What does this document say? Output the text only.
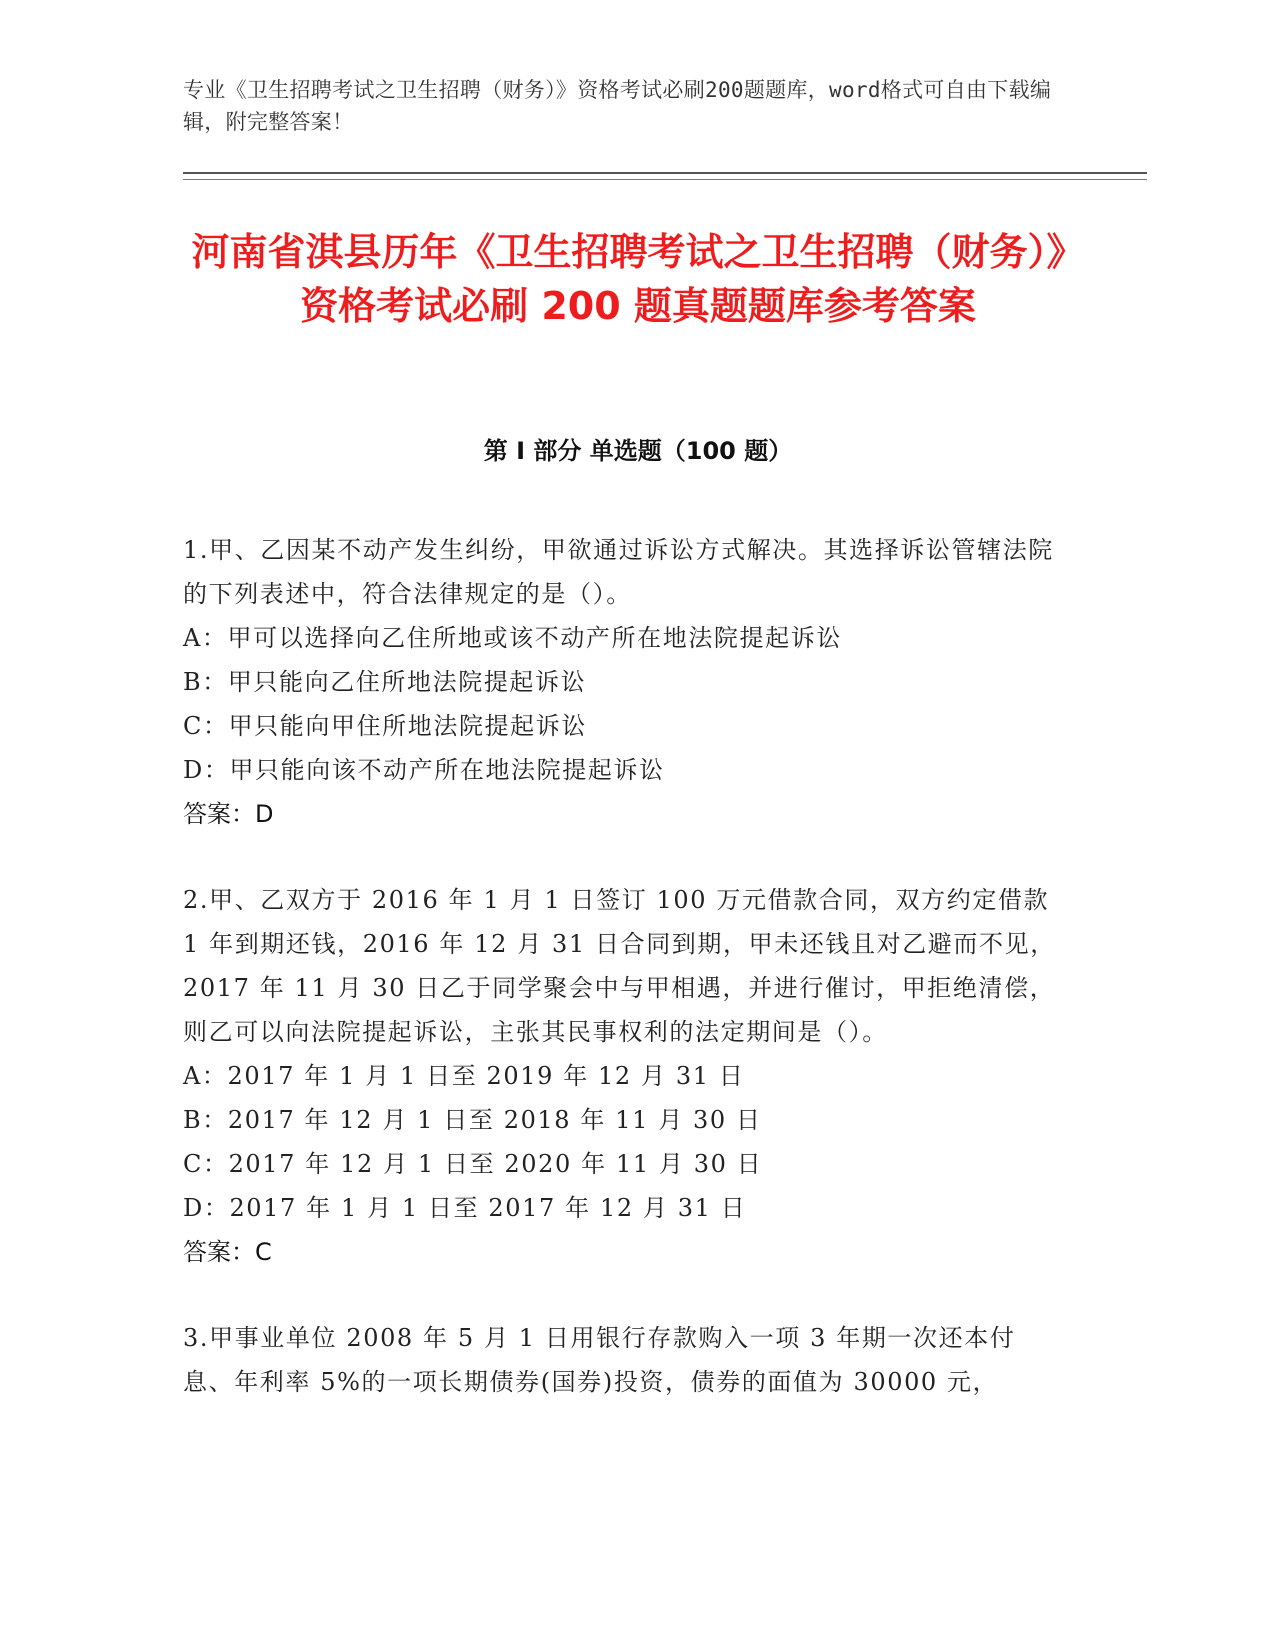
专业《卫生招聘考试之卫生招聘（财务）》资格考试必刷200题题库，word格式可自由下载编辑，附完整答案！
河南省淇县历年《卫生招聘考试之卫生招聘（财务）》资格考试必刷 200 题真题题库参考答案
第 I 部分 单选题（100 题）
1.甲、乙因某不动产发生纠纷，甲欲通过诉讼方式解决。其选择诉讼管辖法院的下列表述中，符合法律规定的是（）。
A：甲可以选择向乙住所地或该不动产所在地法院提起诉讼
B：甲只能向乙住所地法院提起诉讼
C：甲只能向甲住所地法院提起诉讼
D：甲只能向该不动产所在地法院提起诉讼
答案：D
2.甲、乙双方于 2016 年 1 月 1 日签订 100 万元借款合同，双方约定借款 1 年到期还钱，2016 年 12 月 31 日合同到期，甲未还钱且对乙避而不见，2017 年 11 月 30 日乙于同学聚会中与甲相遇，并进行催讨，甲拒绝清偿，则乙可以向法院提起诉讼，主张其民事权利的法定期间是（）。
A：2017 年 1 月 1 日至 2019 年 12 月 31 日
B：2017 年 12 月 1 日至 2018 年 11 月 30 日
C：2017 年 12 月 1 日至 2020 年 11 月 30 日
D：2017 年 1 月 1 日至 2017 年 12 月 31 日
答案：C
3.甲事业单位 2008 年 5 月 1 日用银行存款购入一项 3 年期一次还本付息、年利率 5%的一项长期债券(国券)投资，债券的面值为 30000 元，
